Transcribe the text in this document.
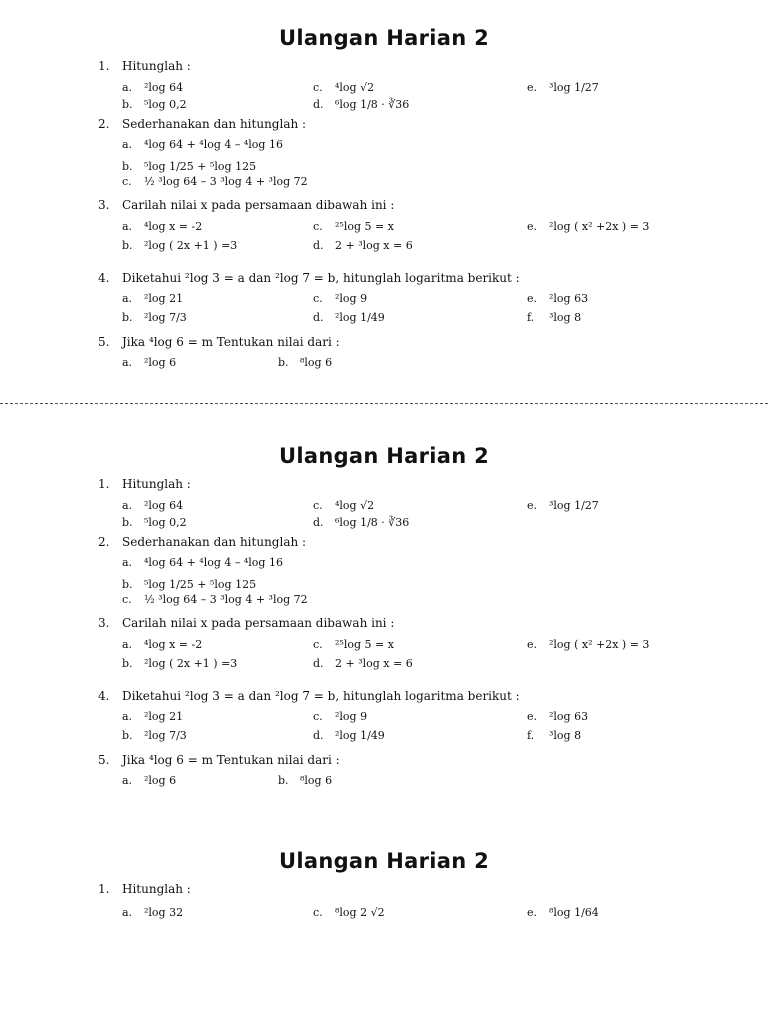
Ulangan Harian 2
1. Hitunglah :
a. ²log 64	c. ⁴log √2	e. ³log 1/27
b. ⁵log 0,2	d. ⁶log 1/8 · ∛36
2. Sederhanakan dan hitunglah :
a. ⁴log 64 + ⁴log 4 – ⁴log 16
b. ⁵log 1/25 + ⁵log 125
c. ½ ³log 64 – 3 ³log 4 + ³log 72
3. Carilah nilai x pada persamaan dibawah ini :
a. ⁴log x = -2	c. ²⁵log 5 = x	e. ²log ( x² +2x ) = 3
b. ²log ( 2x +1 ) =3	d. 2 + ³log x = 6
4. Diketahui ²log 3 = a dan ²log 7 = b, hitunglah logaritma berikut :
a. ²log 21	c. ²log 9	e. ²log 63
b. ²log 7/3	d. ²log 1/49	f. ³log 8
5. Jika ⁴log 6 = m Tentukan nilai dari :
a. ²log 6	b. ⁸log 6
Ulangan Harian 2
1. Hitunglah :
a. ²log 64	c. ⁴log √2	e. ³log 1/27
b. ⁵log 0,2	d. ⁶log 1/8 · ∛36
2. Sederhanakan dan hitunglah :
a. ⁴log 64 + ⁴log 4 – ⁴log 16
b. ⁵log 1/25 + ⁵log 125
c. ½ ³log 64 – 3 ³log 4 + ³log 72
3. Carilah nilai x pada persamaan dibawah ini :
a. ⁴log x = -2	c. ²⁵log 5 = x	e. ²log ( x² +2x ) = 3
b. ²log ( 2x +1 ) =3	d. 2 + ³log x = 6
4. Diketahui ²log 3 = a dan ²log 7 = b, hitunglah logaritma berikut :
a. ²log 21	c. ²log 9	e. ²log 63
b. ²log 7/3	d. ²log 1/49	f. ³log 8
5. Jika ⁴log 6 = m Tentukan nilai dari :
a. ²log 6	b. ⁸log 6
Ulangan Harian 2
1. Hitunglah :
a. ²log 32	c. ⁸log 2 √2	e. ⁸log 1/64
